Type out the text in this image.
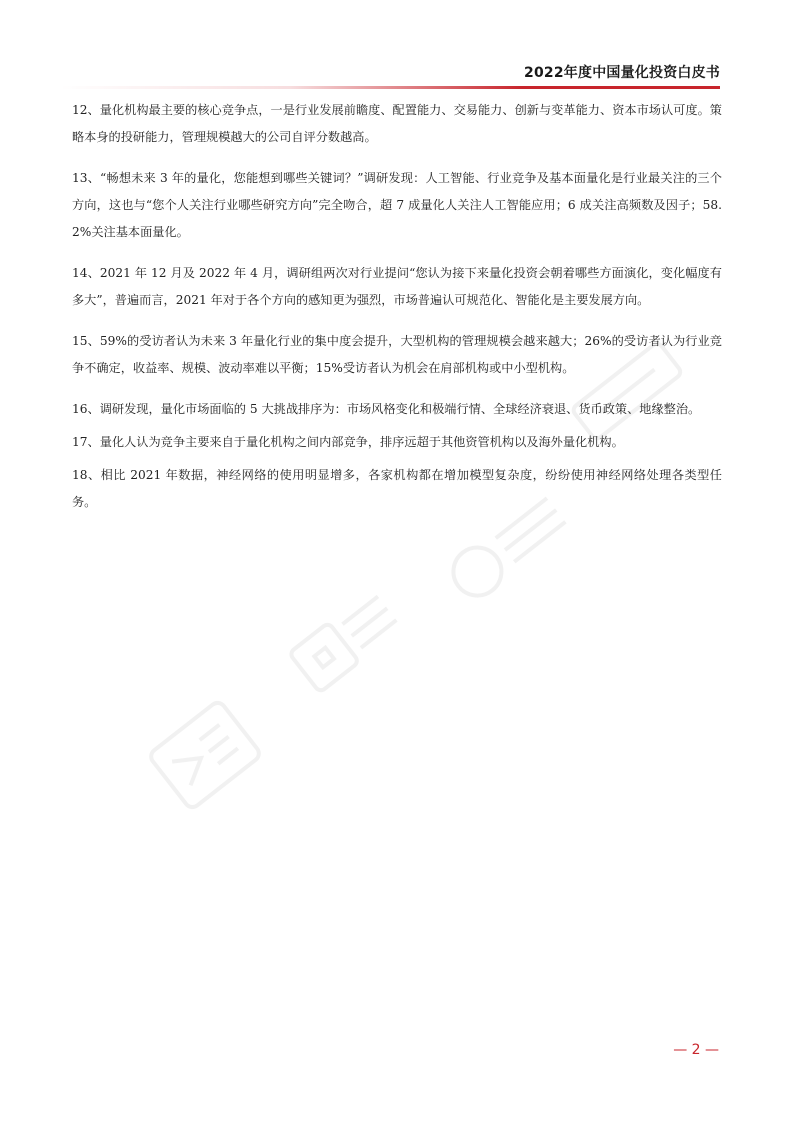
2022年度中国量化投资白皮书

12、量化机构最主要的核心竞争点，一是行业发展前瞻度、配置能力、交易能力、创新与变革能力、资本市场认可度。策略本身的投研能力，管理规模越大的公司自评分数越高。

13、“畅想未来 3 年的量化，您能想到哪些关键词？”调研发现：人工智能、行业竞争及基本面量化是行业最关注的三个方向，这也与“您个人关注行业哪些研究方向”完全吻合，超 7 成量化人关注人工智能应用；6 成关注高频数及因子；58.2%关注基本面量化。

14、2021 年 12 月及 2022 年 4 月，调研组两次对行业提问“您认为接下来量化投资会朝着哪些方面演化，变化幅度有多大”，普遍而言，2021 年对于各个方向的感知更为强烈，市场普遍认可规范化、智能化是主要发展方向。

15、59%的受访者认为未来 3 年量化行业的集中度会提升，大型机构的管理规模会越来越大；26%的受访者认为行业竞争不确定，收益率、规模、波动率难以平衡；15%受访者认为机会在肩部机构或中小型机构。

16、调研发现，量化市场面临的 5 大挑战排序为：市场风格变化和极端行情、全球经济衰退、货币政策、地缘整治。

17、量化人认为竞争主要来自于量化机构之间内部竞争，排序远超于其他资管机构以及海外量化机构。

18、相比 2021 年数据，神经网络的使用明显增多，各家机构都在增加模型复杂度，纷纷使用神经网络处理各类型任务。

— 2 —
